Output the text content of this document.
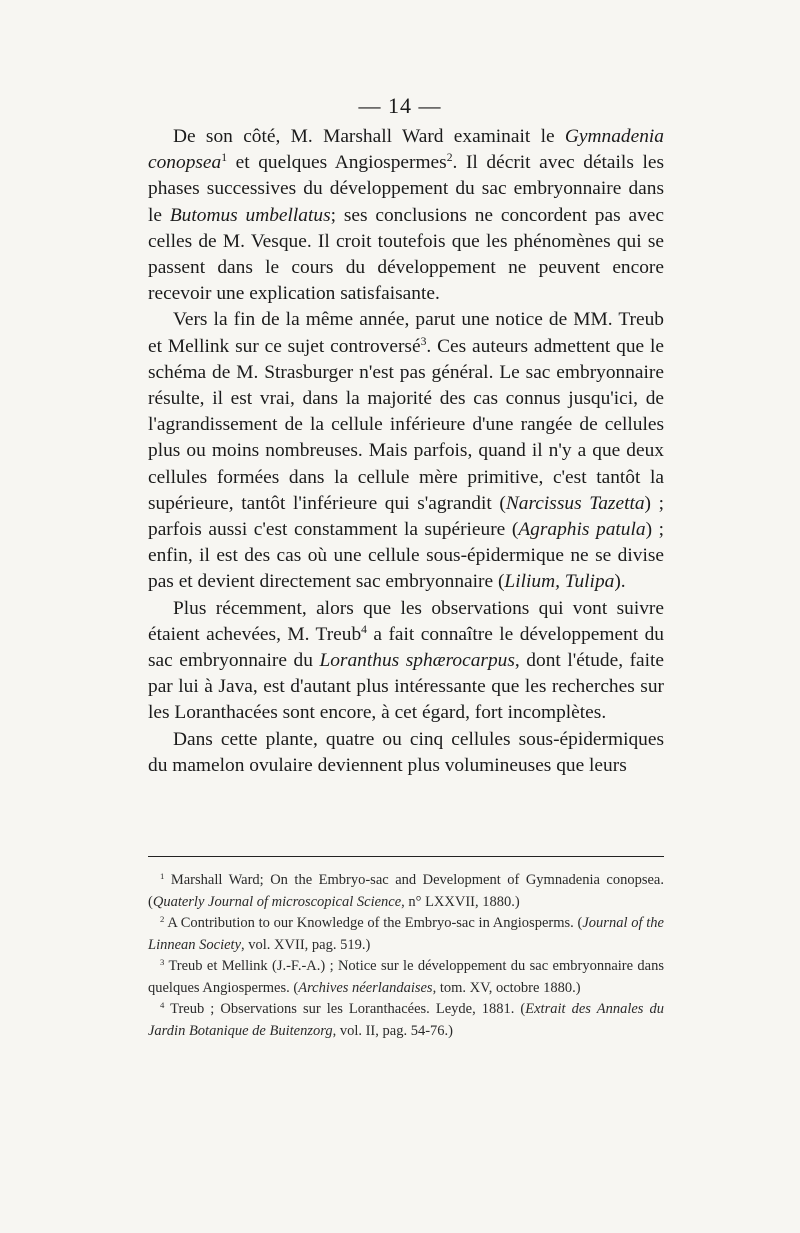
— 14 —

De son côté, M. Marshall Ward examinait le Gymnadenia conopsea$^1$ et quelques Angiospermes$^2$. Il décrit avec détails les phases successives du développement du sac embryonnaire dans le Butomus umbellatus; ses conclusions ne concordent pas avec celles de M. Vesque. Il croit toutefois que les phénomènes qui se passent dans le cours du développement ne peuvent encore recevoir une explication satisfaisante.

Vers la fin de la même année, parut une notice de MM. Treub et Mellink sur ce sujet controversé$^3$. Ces auteurs admettent que le schéma de M. Strasburger n'est pas général. Le sac embryonnaire résulte, il est vrai, dans la majorité des cas connus jusqu'ici, de l'agrandissement de la cellule inférieure d'une rangée de cellules plus ou moins nombreuses. Mais parfois, quand il n'y a que deux cellules formées dans la cellule mère primitive, c'est tantôt la supérieure, tantôt l'inférieure qui s'agrandit (Narcissus Tazetta) ; parfois aussi c'est constamment la supérieure (Agraphis patula) ; enfin, il est des cas où une cellule sous-épidermique ne se divise pas et devient directement sac embryonnaire (Lilium, Tulipa).

Plus récemment, alors que les observations qui vont suivre étaient achevées, M. Treub$^4$ a fait connaître le développement du sac embryonnaire du Loranthus sphærocarpus, dont l'étude, faite par lui à Java, est d'autant plus intéressante que les recherches sur les Loranthacées sont encore, à cet égard, fort incomplètes.

Dans cette plante, quatre ou cinq cellules sous-épidermiques du mamelon ovulaire deviennent plus volumineuses que leurs

$^1$ Marshall Ward; On the Embryo-sac and Development of Gymnadenia conopsea. (Quaterly Journal of microscopical Science, n° LXXVII, 1880.)

$^2$ A Contribution to our Knowledge of the Embryo-sac in Angiosperms. (Journal of the Linnean Society, vol. XVII, pag. 519.)

$^3$ Treub et Mellink (J.-F.-A.) ; Notice sur le développement du sac embryonnaire dans quelques Angiospermes. (Archives néerlandaises, tom. XV, octobre 1880.)

$^4$ Treub ; Observations sur les Loranthacées. Leyde, 1881. (Extrait des Annales du Jardin Botanique de Buitenzorg, vol. II, pag. 54-76.)
